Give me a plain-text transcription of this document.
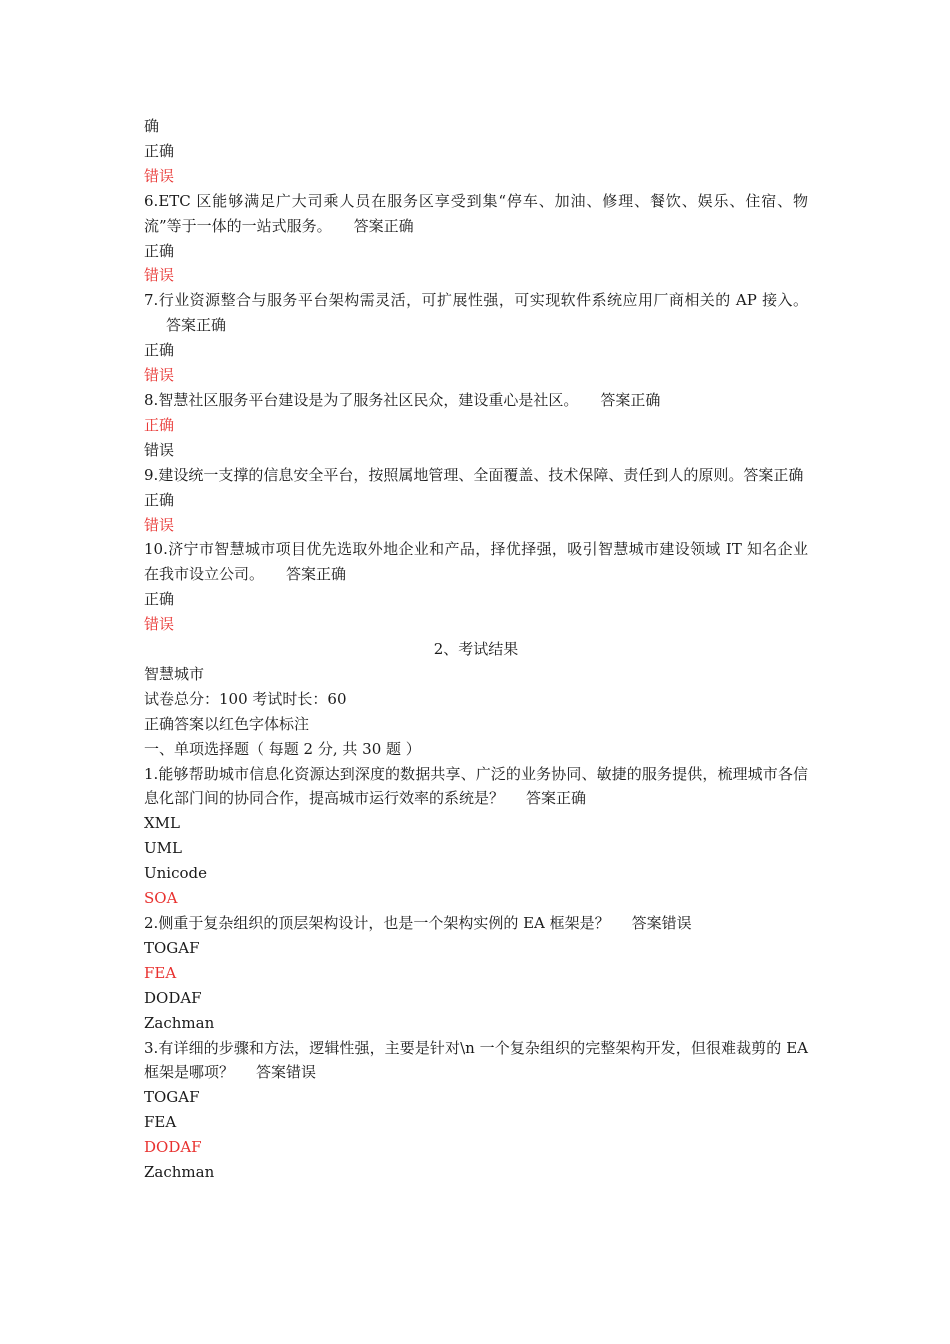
确
正确
错误
6.ETC 区能够满足广大司乘人员在服务区享受到集“停车、加油、修理、餐饮、娱乐、住宿、物流”等于一体的一站式服务。 答案正确
正确
错误
7.行业资源整合与服务平台架构需灵活，可扩展性强，可实现软件系统应用厂商相关的 AP 接入。答案正确
正确
错误
8.智慧社区服务平台建设是为了服务社区民众，建设重心是社区。 答案正确
正确
错误
9.建设统一支撑的信息安全平台，按照属地管理、全面覆盖、技术保障、责任到人的原则。答案正确
正确
错误
10.济宁市智慧城市项目优先选取外地企业和产品，择优择强，吸引智慧城市建设领域 IT 知名企业在我市设立公司。 答案正确
正确
错误
2、考试结果
智慧城市
试卷总分：100 考试时长：60
正确答案以红色字体标注
一、单项选择题（ 每题 2 分, 共 30 题 ）
1.能够帮助城市信息化资源达到深度的数据共享、广泛的业务协同、敏捷的服务提供，梳理城市各信息化部门间的协同合作，提高城市运行效率的系统是？ 答案正确
XML
UML
Unicode
SOA
2.侧重于复杂组织的顶层架构设计，也是一个架构实例的 EA 框架是？ 答案错误
TOGAF
FEA
DODAF
Zachman
3.有详细的步骤和方法，逻辑性强，主要是针对\n 一个复杂组织的完整架构开发，但很难裁剪的 EA 框架是哪项？ 答案错误
TOGAF
FEA
DODAF
Zachman
